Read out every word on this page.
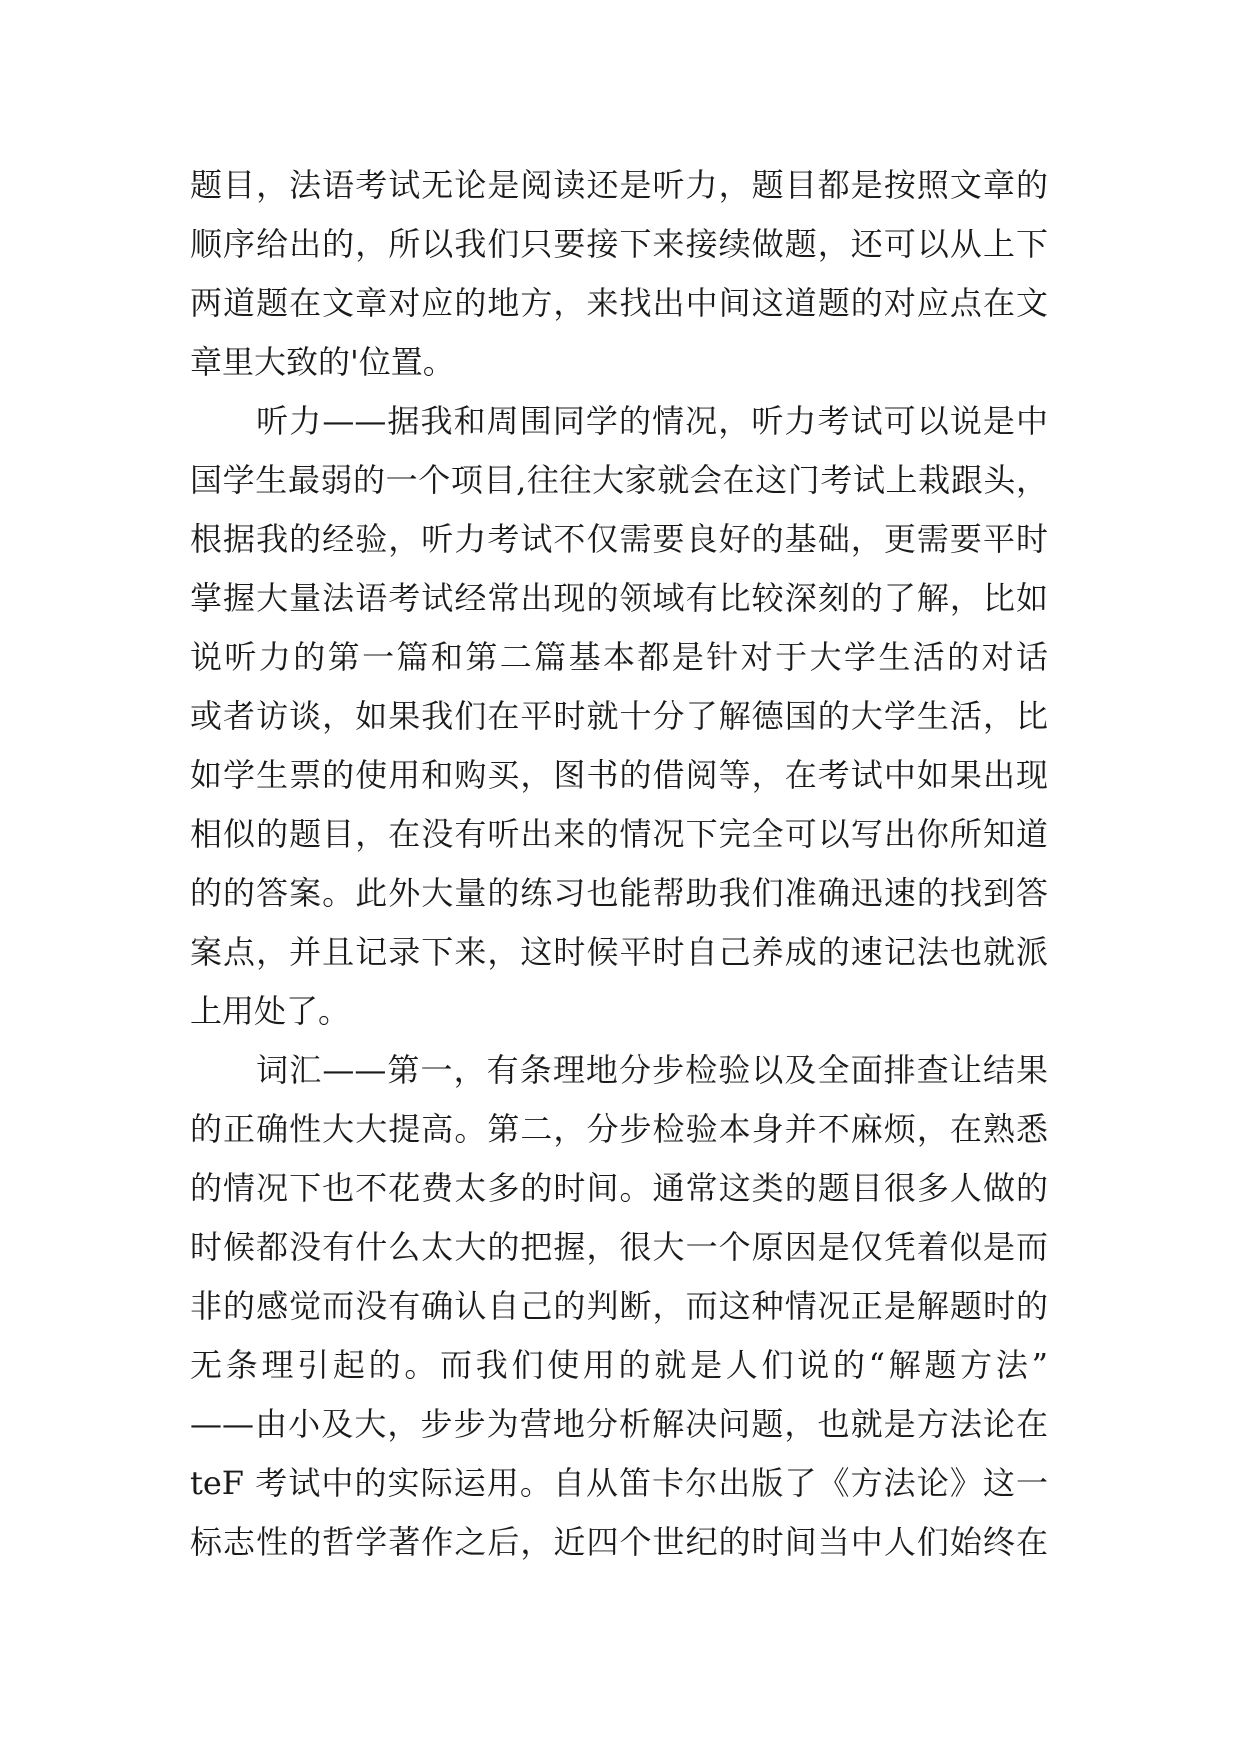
题目，法语考试无论是阅读还是听力，题目都是按照文章的
顺序给出的，所以我们只要接下来接续做题，还可以从上下
两道题在文章对应的地方，来找出中间这道题的对应点在文
章里大致的'位置。
　　听力——据我和周围同学的情况，听力考试可以说是中
国学生最弱的一个项目,往往大家就会在这门考试上栽跟头，
根据我的经验，听力考试不仅需要良好的基础，更需要平时
掌握大量法语考试经常出现的领域有比较深刻的了解，比如
说听力的第一篇和第二篇基本都是针对于大学生活的对话
或者访谈，如果我们在平时就十分了解德国的大学生活，比
如学生票的使用和购买，图书的借阅等，在考试中如果出现
相似的题目，在没有听出来的情况下完全可以写出你所知道
的的答案。此外大量的练习也能帮助我们准确迅速的找到答
案点，并且记录下来，这时候平时自己养成的速记法也就派
上用处了。
　　词汇——第一，有条理地分步检验以及全面排查让结果
的正确性大大提高。第二，分步检验本身并不麻烦，在熟悉
的情况下也不花费太多的时间。通常这类的题目很多人做的
时候都没有什么太大的把握，很大一个原因是仅凭着似是而
非的感觉而没有确认自己的判断，而这种情况正是解题时的
无条理引起的。而我们使用的就是人们说的“解题方法”
——由小及大，步步为营地分析解决问题，也就是方法论在
teF 考试中的实际运用。自从笛卡尔出版了《方法论》这一
标志性的哲学著作之后，近四个世纪的时间当中人们始终在
